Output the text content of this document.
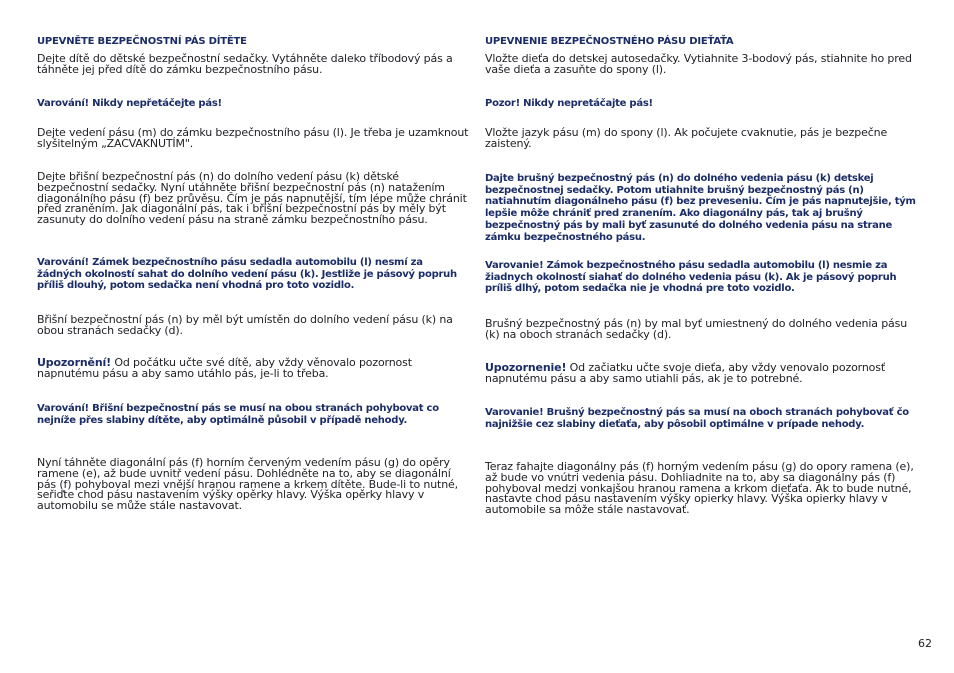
UPEVNĚTE BEZPEČNOSTNÍ PÁS DÍTĚTE

Dejte dítě do dětské bezpečnostní sedačky. Vytáhněte daleko tříbodový pás a táhněte jej před dítě do zámku bezpečnostního pásu.

Varování! Nikdy nepřetáčejte pás!

Dejte vedení pásu (m) do zámku bezpečnostního pásu (l). Je třeba je uzamknout slyšitelným „ZACVAKNUTÍM".

Dejte břišní bezpečnostní pás (n) do dolního vedení pásu (k) dětské bezpečnostní sedačky. Nyní utáhněte břišní bezpečnostní pás (n) natažením diagonálního pásu (f) bez průvěsu. Čím je pás napnutější, tím lépe může chránit před zraněním. Jak diagonální pás, tak i břišní bezpečnostní pás by měly být zasunuty do dolního vedení pásu na straně zámku bezpečnostního pásu.

Varování! Zámek bezpečnostního pásu sedadla automobilu (l) nesmí za žádných okolností sahat do dolního vedení pásu (k). Jestliže je pásový popruh příliš dlouhý, potom sedačka není vhodná pro toto vozidlo.

Břišní bezpečnostní pás (n) by měl být umístěn do dolního vedení pásu (k) na obou stranách sedačky (d).

Upozornění! Od počátku učte své dítě, aby vždy věnovalo pozornost napnutému pásu a aby samo utáhlo pás, je-li to třeba.

Varování! Břišní bezpečnostní pás se musí na obou stranách pohybovat co nejníže přes slabiny dítěte, aby optimálně působil v případě nehody.

Nyní táhněte diagonální pás (f) horním červeným vedením pásu (g) do opěry ramene (e), až bude uvnitř vedení pásu. Dohlédněte na to, aby se diagonální pás (f) pohyboval mezi vnější hranou ramene a krkem dítěte. Bude-li to nutné, seřiďte chod pásu nastavením výšky opěrky hlavy. Výška opěrky hlavy v automobilu se může stále nastavovat.

UPEVNENIE BEZPEČNOSTNÉHO PÁSU DIEŤAŤA

Vložte dieťa do detskej autosedačky. Vytiahnite 3-bodový pás, stiahnite ho pred vaše dieťa a zasuňte do spony (l).

Pozor! Nikdy nepretáčajte pás!

Vložte jazyk pásu (m) do spony (l). Ak počujete cvaknutie, pás je bezpečne zaistený.

Dajte brušný bezpečnostný pás (n) do dolného vedenia pásu (k) detskej bezpečnostnej sedačky. Potom utiahnite brušný bezpečnostný pás (n) natiahnutím diagonálneho pásu (f) bez preveseniu. Čím je pás napnutejšie, tým lepšie môže chrániť pred zranením. Ako diagonálny pás, tak aj brušný bezpečnostný pás by mali byť zasunuté do dolného vedenia pásu na strane zámku bezpečnostného pásu.

Varovanie! Zámok bezpečnostného pásu sedadla automobilu (l) nesmie za žiadnych okolností siahať do dolného vedenia pásu (k). Ak je pásový popruh príliš dlhý, potom sedačka nie je vhodná pre toto vozidlo.

Brušný bezpečnostný pás (n) by mal byť umiestnený do dolného vedenia pásu (k) na oboch stranách sedačky (d).

Upozornenie! Od začiatku učte svoje dieťa, aby vždy venovalo pozornosť napnutému pásu a aby samo utiahli pás, ak je to potrebné.

Varovanie! Brušný bezpečnostný pás sa musí na oboch stranách pohybovať čo najnižšie cez slabiny dieťaťa, aby pôsobil optimálne v prípade nehody.

Teraz fahajte diagonálny pás (f) horným vedením pásu (g) do opory ramena (e), až bude vo vnútri vedenia pásu. Dohliadnite na to, aby sa diagonálny pás (f) pohyboval medzi vonkajšou hranou ramena a krkom dieťaťa. Ak to bude nutné, nastavte chod pásu nastavením výšky opierky hlavy. Výška opierky hlavy v automobile sa môže stále nastavovať.

62
